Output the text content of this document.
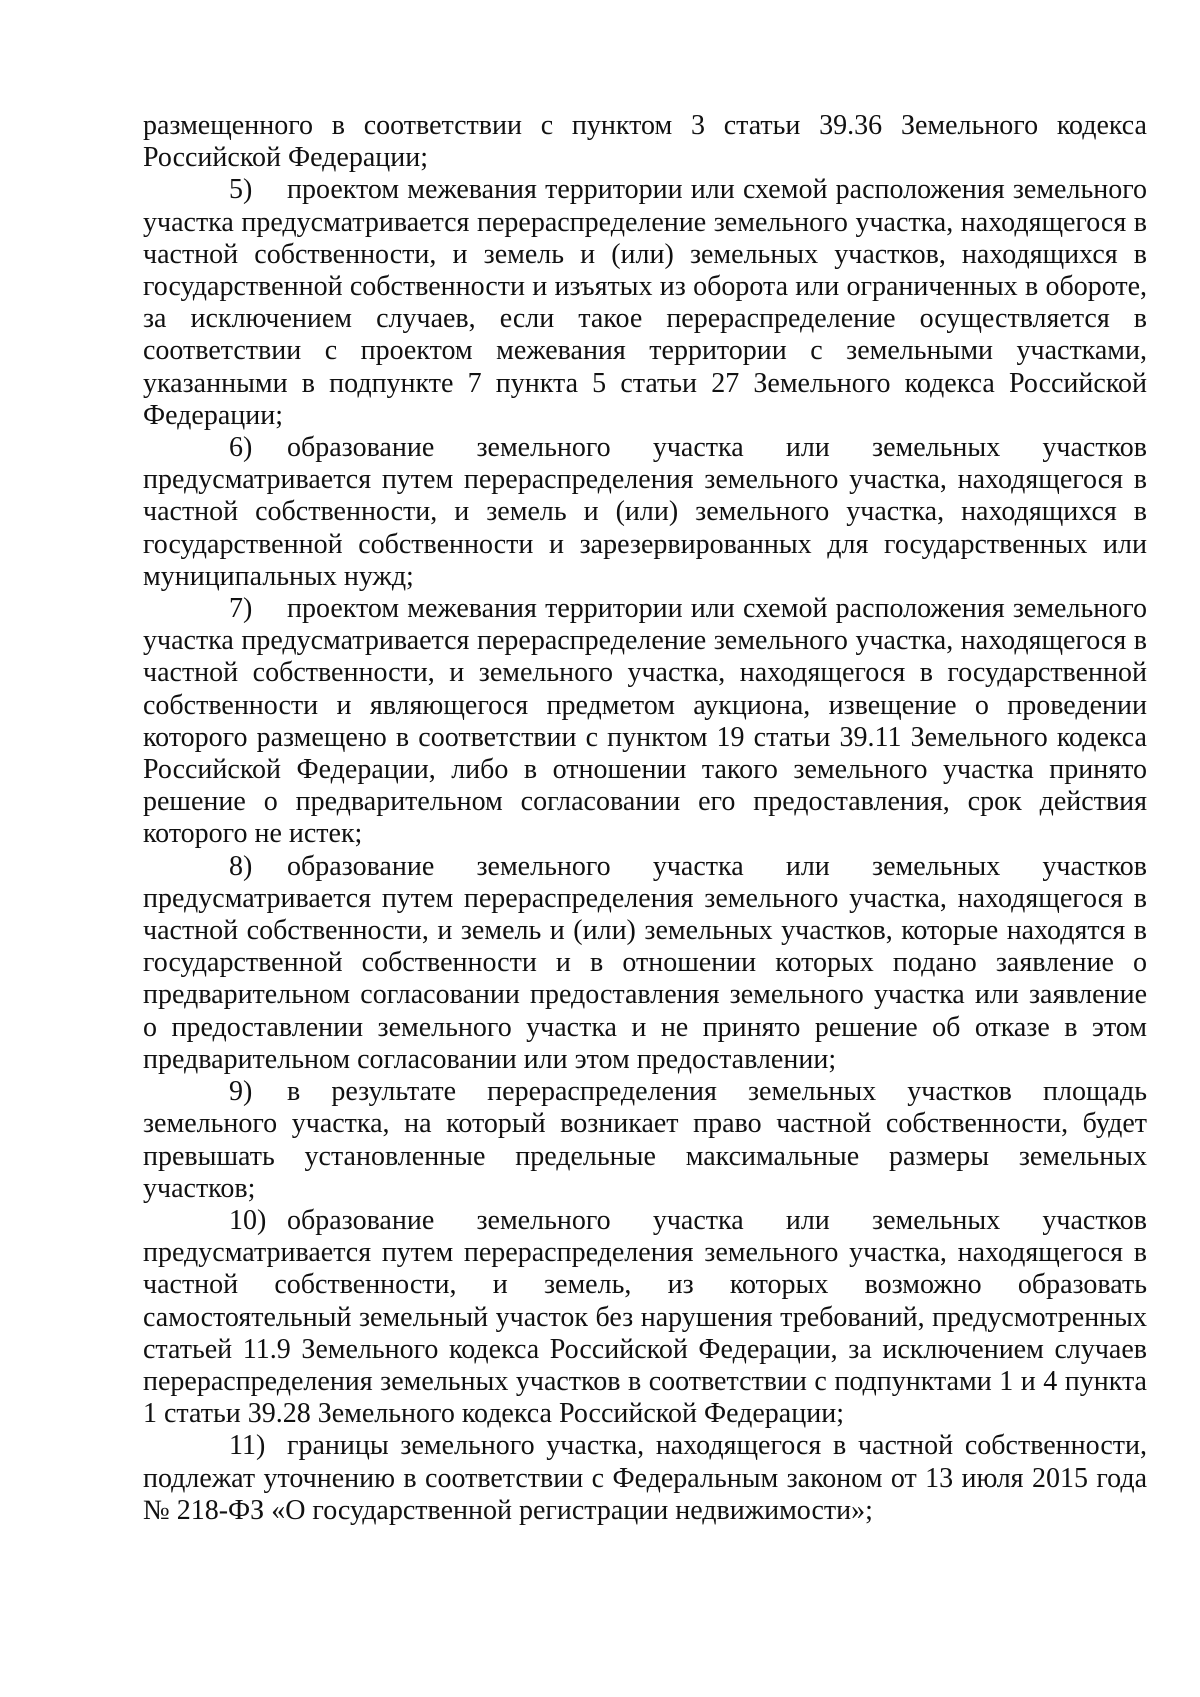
размещенного в соответствии с пунктом 3 статьи 39.36 Земельного кодекса Российской Федерации;

5) проектом межевания территории или схемой расположения земельного участка предусматривается перераспределение земельного участка, находящегося в частной собственности, и земель и (или) земельных участков, находящихся в государственной собственности и изъятых из оборота или ограниченных в обороте, за исключением случаев, если такое перераспределение осуществляется в соответствии с проектом межевания территории с земельными участками, указанными в подпункте 7 пункта 5 статьи 27 Земельного кодекса Российской Федерации;

6) образование земельного участка или земельных участков предусматривается путем перераспределения земельного участка, находящегося в частной собственности, и земель и (или) земельного участка, находящихся в государственной собственности и зарезервированных для государственных или муниципальных нужд;

7) проектом межевания территории или схемой расположения земельного участка предусматривается перераспределение земельного участка, находящегося в частной собственности, и земельного участка, находящегося в государственной собственности и являющегося предметом аукциона, извещение о проведении которого размещено в соответствии с пунктом 19 статьи 39.11 Земельного кодекса Российской Федерации, либо в отношении такого земельного участка принято решение о предварительном согласовании его предоставления, срок действия которого не истек;

8) образование земельного участка или земельных участков предусматривается путем перераспределения земельного участка, находящегося в частной собственности, и земель и (или) земельных участков, которые находятся в государственной собственности и в отношении которых подано заявление о предварительном согласовании предоставления земельного участка или заявление о предоставлении земельного участка и не принято решение об отказе в этом предварительном согласовании или этом предоставлении;

9) в результате перераспределения земельных участков площадь земельного участка, на который возникает право частной собственности, будет превышать установленные предельные максимальные размеры земельных участков;

10) образование земельного участка или земельных участков предусматривается путем перераспределения земельного участка, находящегося в частной собственности, и земель, из которых возможно образовать самостоятельный земельный участок без нарушения требований, предусмотренных статьей 11.9 Земельного кодекса Российской Федерации, за исключением случаев перераспределения земельных участков в соответствии с подпунктами 1 и 4 пункта 1 статьи 39.28 Земельного кодекса Российской Федерации;

11) границы земельного участка, находящегося в частной собственности, подлежат уточнению в соответствии с Федеральным законом от 13 июля 2015 года № 218-ФЗ «О государственной регистрации недвижимости»;
